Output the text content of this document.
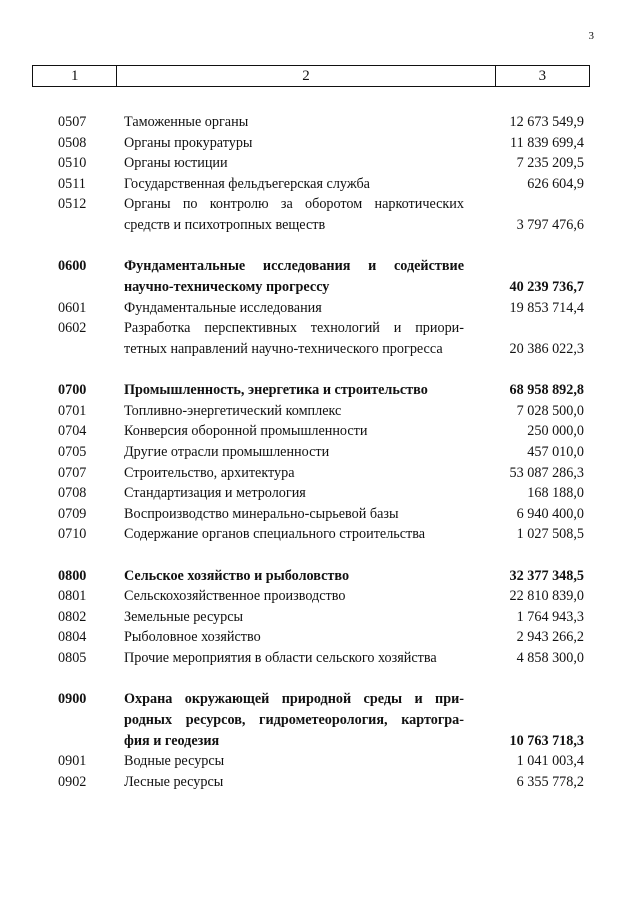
3
1	2	3
0507	Таможенные органы	12 673 549,9
0508	Органы прокуратуры	11 839 699,4
0510	Органы юстиции	7 235 209,5
0511	Государственная фельдъегерская служба	626 604,9
0512	Органы по контролю за оборотом наркотических
средств и психотропных веществ	3 797 476,6
0600	Фундаментальные исследования и содействие
научно-техническому прогрессу	40 239 736,7
0601	Фундаментальные исследования	19 853 714,4
0602	Разработка перспективных технологий и приори-
тетных направлений научно-технического прогресса	20 386 022,3
0700	Промышленность, энергетика и строительство	68 958 892,8
0701	Топливно-энергетический комплекс	7 028 500,0
0704	Конверсия оборонной промышленности	250 000,0
0705	Другие отрасли промышленности	457 010,0
0707	Строительство, архитектура	53 087 286,3
0708	Стандартизация и метрология	168 188,0
0709	Воспроизводство минерально-сырьевой базы	6 940 400,0
0710	Содержание органов специального строительства	1 027 508,5
0800	Сельское хозяйство и рыболовство	32 377 348,5
0801	Сельскохозяйственное производство	22 810 839,0
0802	Земельные ресурсы	1 764 943,3
0804	Рыболовное хозяйство	2 943 266,2
0805	Прочие мероприятия в области сельского хозяйства	4 858 300,0
0900	Охрана окружающей природной среды и при-
родных ресурсов, гидрометеорология, картогра-
фия и геодезия	10 763 718,3
0901	Водные ресурсы	1 041 003,4
0902	Лесные ресурсы	6 355 778,2
